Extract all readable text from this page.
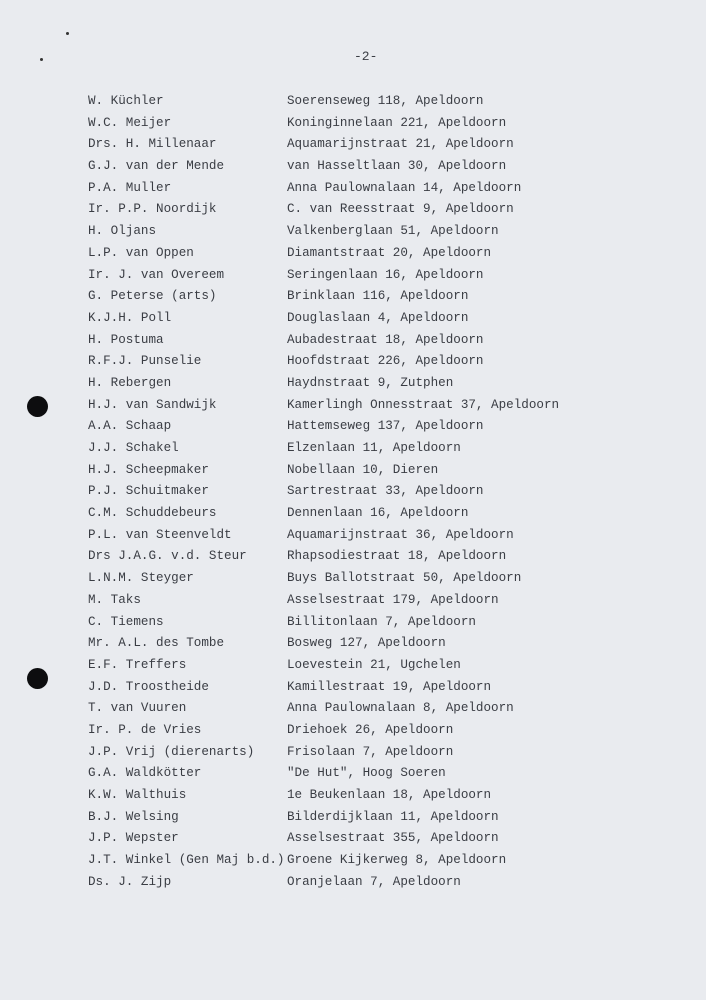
-2-
W. Küchler	Soerenseweg 118, Apeldoorn
W.C. Meijer	Koninginnelaan 221, Apeldoorn
Drs. H. Millenaar	Aquamarijnstraat 21, Apeldoorn
G.J. van der Mende	van Hasseltlaan 30, Apeldoorn
P.A. Muller	Anna Paulownalaan 14, Apeldoorn
Ir. P.P. Noordijk	C. van Reesstraat 9, Apeldoorn
H. Oljans	Valkenberglaan 51, Apeldoorn
L.P. van Oppen	Diamantstraat 20, Apeldoorn
Ir. J. van Overeem	Seringenlaan 16, Apeldoorn
G. Peterse (arts)	Brinklaan 116, Apeldoorn
K.J.H. Poll	Douglaslaan 4, Apeldoorn
H. Postuma	Aubadestraat 18, Apeldoorn
R.F.J. Punselie	Hoofdstraat 226, Apeldoorn
H. Rebergen	Haydnstraat 9, Zutphen
H.J. van Sandwijk	Kamerlingh Onnesstraat 37, Apeldoorn
A.A. Schaap	Hattemseweg 137, Apeldoorn
J.J. Schakel	Elzenlaan 11, Apeldoorn
H.J. Scheepmaker	Nobellaan 10, Dieren
P.J. Schuitmaker	Sartrestraat 33, Apeldoorn
C.M. Schuddebeurs	Dennenlaan 16, Apeldoorn
P.L. van Steenveldt	Aquamarijnstraat 36, Apeldoorn
Drs J.A.G. v.d. Steur	Rhapsodiestraat 18, Apeldoorn
L.N.M. Steyger	Buys Ballotstraat 50, Apeldoorn
M. Taks	Asselsestraat 179, Apeldoorn
C. Tiemens	Billitonlaan 7, Apeldoorn
Mr. A.L. des Tombe	Bosweg 127, Apeldoorn
E.F. Treffers	Loevestein 21, Ugchelen
J.D. Troostheide	Kamillestraat 19, Apeldoorn
T. van Vuuren	Anna Paulownalaan 8, Apeldoorn
Ir. P. de Vries	Driehoek 26, Apeldoorn
J.P. Vrij (dierenarts)	Frisolaan 7, Apeldoorn
G.A. Waldkötter	"De Hut", Hoog Soeren
K.W. Walthuis	1e Beukenlaan 18, Apeldoorn
B.J. Welsing	Bilderdijklaan 11, Apeldoorn
J.P. Wepster	Asselsestraat 355, Apeldoorn
J.T. Winkel (Gen Maj b.d.) Groene Kijkerweg 8, Apeldoorn
Ds. J. Zijp	Oranjelaan 7, Apeldoorn
